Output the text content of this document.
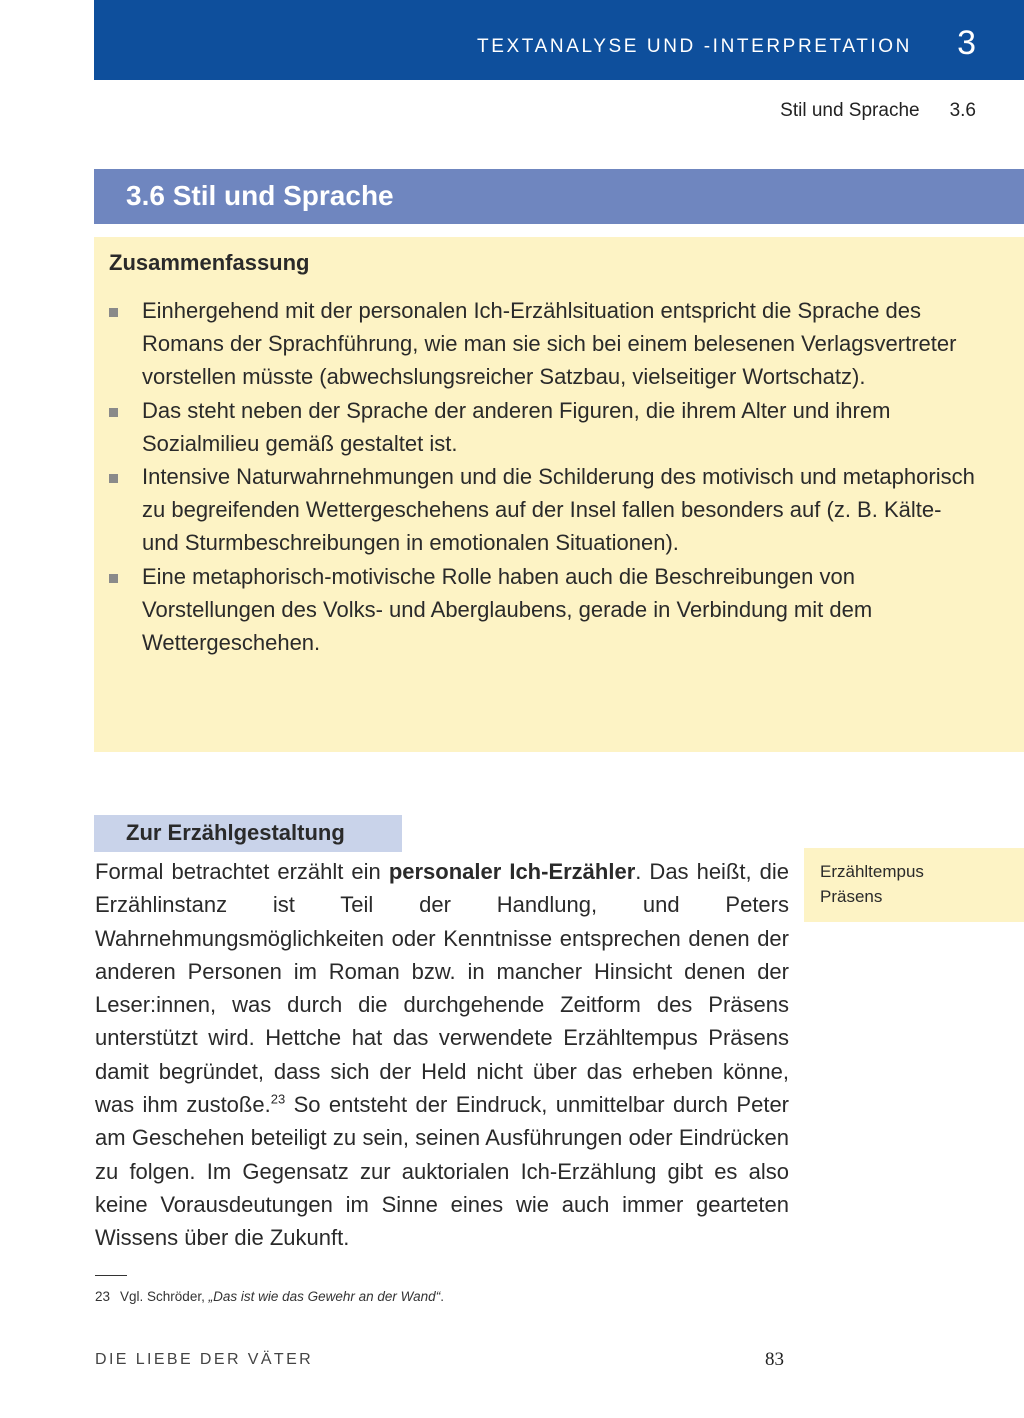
TEXTANALYSE UND -INTERPRETATION 3
Stil und Sprache 3.6
3.6 Stil und Sprache
Zusammenfassung
Einhergehend mit der personalen Ich-Erzählsituation entspricht die Sprache des Romans der Sprachführung, wie man sie sich bei einem belesenen Verlagsvertreter vorstellen müsste (abwechslungsreicher Satzbau, vielseitiger Wortschatz).
Das steht neben der Sprache der anderen Figuren, die ihrem Alter und ihrem Sozialmilieu gemäß gestaltet ist.
Intensive Naturwahrnehmungen und die Schilderung des motivisch und metaphorisch zu begreifenden Wettergeschehens auf der Insel fallen besonders auf (z. B. Kälte- und Sturmbeschreibungen in emotionalen Situationen).
Eine metaphorisch-motivische Rolle haben auch die Beschreibungen von Vorstellungen des Volks- und Aberglaubens, gerade in Verbindung mit dem Wettergeschehen.
Zur Erzählgestaltung

Formal betrachtet erzählt ein personaler Ich-Erzähler. Das heißt, die Erzählinstanz ist Teil der Handlung, und Peters Wahrnehmungsmöglichkeiten oder Kenntnisse entsprechen denen der anderen Personen im Roman bzw. in mancher Hinsicht denen der Leser:innen, was durch die durchgehende Zeitform des Präsens unterstützt wird. Hettche hat das verwendete Erzähltempus Präsens damit begründet, dass sich der Held nicht über das erheben könne, was ihm zustoße.$^{23}$ So entsteht der Eindruck, unmittelbar durch Peter am Geschehen beteiligt zu sein, seinen Ausführungen oder Eindrücken zu folgen. Im Gegensatz zur auktorialen Ich-Erzählung gibt es also keine Vorausdeutungen im Sinne eines wie auch immer gearteten Wissens über die Zukunft.

Erzähltempus
Präsens
23 Vgl. Schröder, „Das ist wie das Gewehr an der Wand“.
DIE LIEBE DER VÄTER	83
